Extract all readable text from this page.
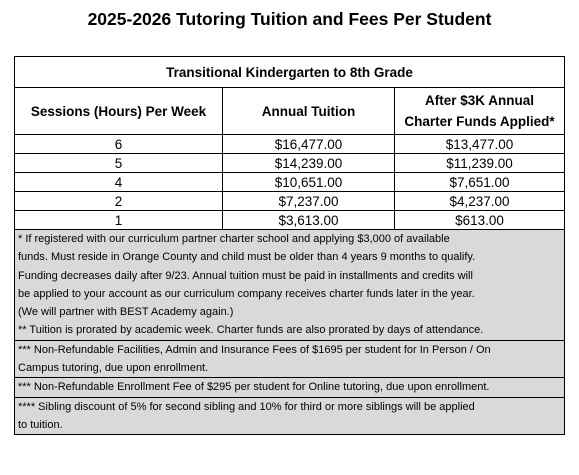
2025-2026 Tutoring Tuition and Fees Per Student
Transitional Kindergarten to 8th Grade
Sessions (Hours) Per Week	Annual Tuition
After $3K Annual
Charter Funds Applied*
6	$16,477.00	$13,477.00
5	$14,239.00	$11,239.00
4	$10,651.00	$7,651.00
2	$7,237.00	$4,237.00
1	$3,613.00	$613.00
* If registered with our curriculum partner charter school and applying $3,000 of available
funds. Must reside in Orange County and child must be older than 4 years 9 months to qualify.
Funding decreases daily after 9/23. Annual tuition must be paid in installments and credits will
be applied to your account as our curriculum company receives charter funds later in the year.
(We will partner with BEST Academy again.)
** Tuition is prorated by academic week. Charter funds are also prorated by days of attendance.
*** Non-Refundable Facilities, Admin and Insurance Fees of $1695 per student for In Person / On
Campus tutoring, due upon enrollment.
*** Non-Refundable Enrollment Fee of $295 per student for Online tutoring, due upon enrollment.
**** Sibling discount of 5% for second sibling and 10% for third or more siblings will be applied
to tuition.
